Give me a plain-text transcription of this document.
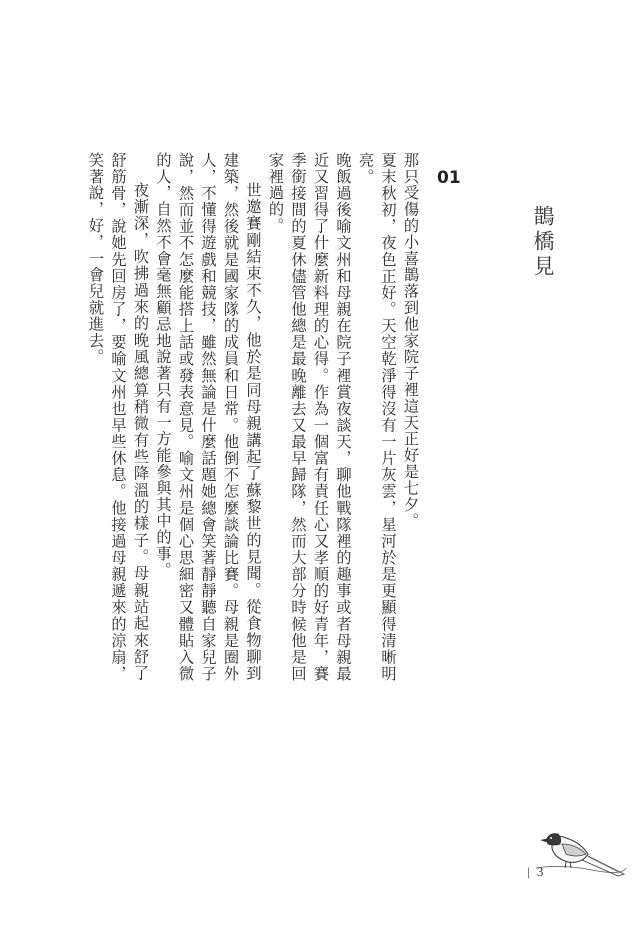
鵲橋見
01

那只受傷的小喜鵲落到他家院子裡這天正好是七夕。

夏末秋初，夜色正好。天空乾淨得沒有一片灰雲，星河於是更顯得清晰明亮。

晚飯過後喻文州和母親在院子裡賞夜談天，聊他戰隊裡的趣事或者母親最近又習得了什麼新料理的心得。作為一個富有責任心又孝順的好青年，賽季銜接間的夏休儘管他總是最晚離去又最早歸隊，然而大部分時候他是回家裡過的。

世邀賽剛結束不久，他於是同母親講起了蘇黎世的見聞。從食物聊到建築，然後就是國家隊的成員和日常。他倒不怎麼談論比賽。母親是圈外人，不懂得遊戲和競技，雖然無論是什麼話題她總會笑著靜靜聽自家兒子說，然而並不怎麼能搭上話或發表意見。喻文州是個心思細密又體貼入微的人，自然不會毫無顧忌地說著只有一方能參與其中的事。

夜漸深，吹拂過來的晚風總算稍微有些降溫的樣子。母親站起來舒了舒筋骨，說她先回房了，要喻文州也早些休息。他接過母親遞來的涼扇，笑著說，好，一會兒就進去。

| 3
